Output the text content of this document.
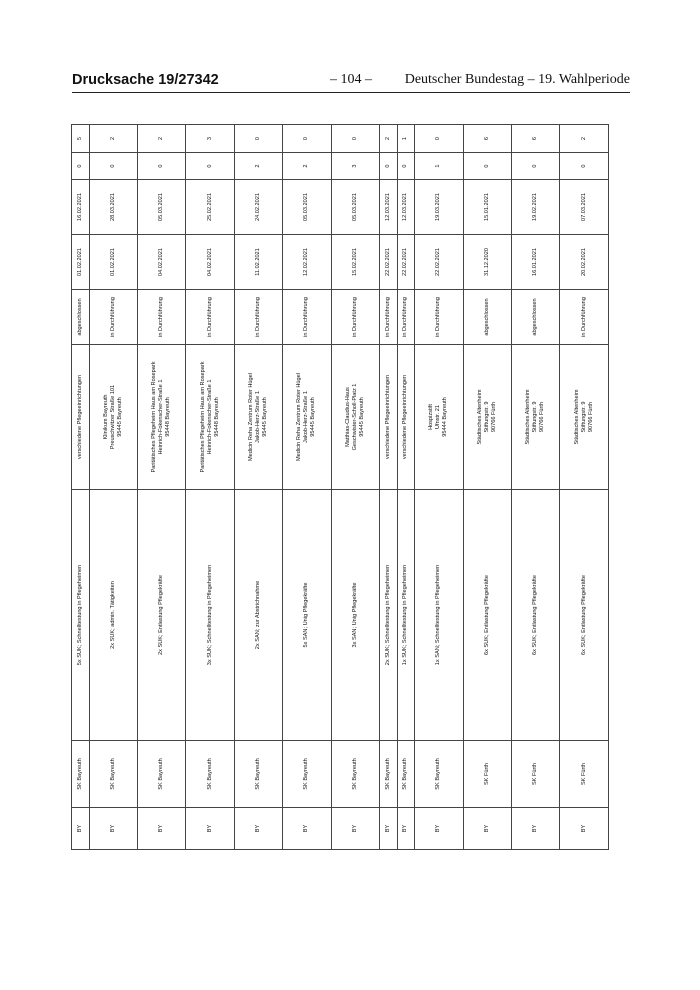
Drucksache 19/27342	– 104 –	Deutscher Bundestag – 19. Wahlperiode
BY	SK Bayreuth	5x SUK; Schnelltestung in Pflegeheimen	verschiedene Pflegeeinrichtungen	abgeschlossen	01.02.2021	16.02.2021	0	5
BY	SK Bayreuth	2x SUK; admin. Tätigkeiten	Klinikum Bayreuth Preuschwitzer Straße 101 95445 Bayreuth	in Durchführung	01.02.2021	28.03.2021	0	2
BY	SK Bayreuth	2x SUK; Entlastung Pflegekräfte	Paritätisches Pflegeheim Haus am Rosepark Heinrich-Fokenscher-Straße 1 95448 Bayreuth	in Durchführung	04.02.2021	05.03.2021	0	2
BY	SK Bayreuth	3x SUK; Schnelltestung in Pflegeheimen	Paritätisches Pflegeheim Haus am Rosepark Heinrich-Fokenscher-Straße 1 95448 Bayreuth	in Durchführung	04.02.2021	25.02.2021	0	3
BY	SK Bayreuth	2x SAN; zur Abstrichnahme	Medicin Reha Zentrum Roter Hügel Jakob-Herz-Straße 1 95445 Bayreuth	in Durchführung	11.02.2021	24.02.2021	2	0
BY	SK Bayreuth	5x SAN; Unig Pflegekräfte	Medicin Reha Zentrum Roter Hügel Jakob-Herz-Straße 1 95445 Bayreuth	in Durchführung	12.02.2021	05.03.2021	2	0
BY	SK Bayreuth	3x SAN; Unig Pflegekräfte	Matthias-Claudius-Haus Geschwister-Scholl-Platz 1 95445 Bayreuth	in Durchführung	15.02.2021	05.03.2021	3	0
BY	SK Bayreuth	2x SUK; Schnelltestung in Pflegeheimen	verschiedene Pflegeeinrichtungen	in Durchführung	22.02.2021	12.03.2021	0	2
BY	SK Bayreuth	1x SUK; Schnelltestung in Pflegeheimen	verschiedene Pflegeeinrichtungen	in Durchführung	22.02.2021	12.03.2021	0	1
BY	SK Bayreuth	1x SAN; Schnelltestung in Pflegeheimen	Hospizstift Ufnstr. 21 95444 Bayreuth	in Durchführung	22.02.2021	19.03.2021	1	0
BY	SK Fürth	6x SUK; Entlastung Pflegekräfte	Städtisches Altenheim Stiftungstr. 9 90766 Fürth	abgeschlossen	31.12.2020	15.01.2021	0	6
BY	SK Fürth	6x SUK; Entlastung Pflegekräfte	Städtisches Altenheim Stiftungstr. 9 90766 Fürth	abgeschlossen	16.01.2021	19.02.2021	0	6
BY	SK Fürth	6x SUK; Entlastung Pflegekräfte	Städtisches Altenheim Stiftungstr. 9 90766 Fürth	in Durchführung	20.02.2021	07.03.2021	0	2
